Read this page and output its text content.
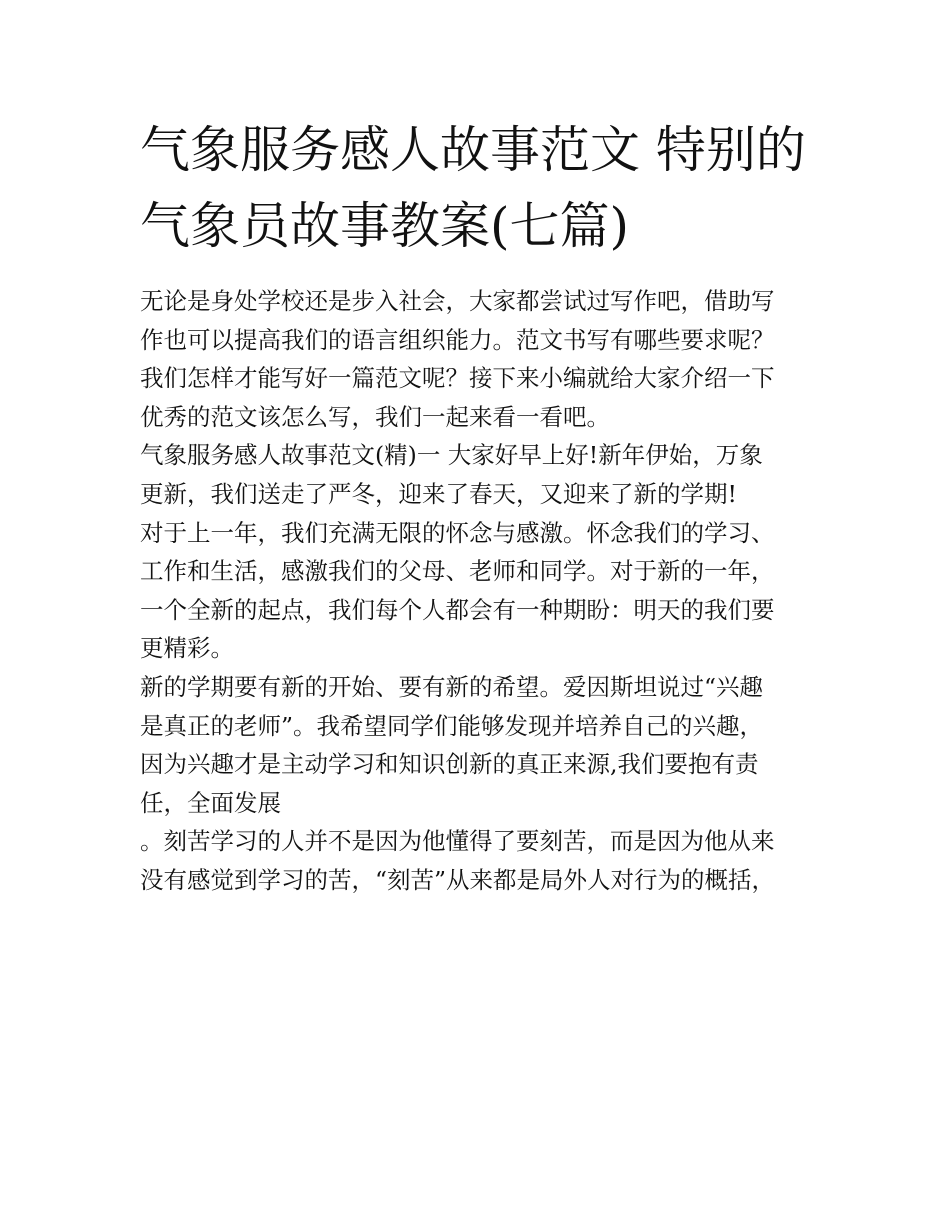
气象服务感人故事范文 特别的
气象员故事教案(七篇)
无论是身处学校还是步入社会，大家都尝试过写作吧，借助写
作也可以提高我们的语言组织能力。范文书写有哪些要求呢？
我们怎样才能写好一篇范文呢？接下来小编就给大家介绍一下
优秀的范文该怎么写，我们一起来看一看吧。
气象服务感人故事范文(精)一 大家好早上好!新年伊始，万象
更新，我们送走了严冬，迎来了春天，又迎来了新的学期!
对于上一年，我们充满无限的怀念与感激。怀念我们的学习、
工作和生活，感激我们的父母、老师和同学。对于新的一年，
一个全新的起点，我们每个人都会有一种期盼：明天的我们要
更精彩。
新的学期要有新的开始、要有新的希望。爱因斯坦说过“兴趣
是真正的老师”。我希望同学们能够发现并培养自己的兴趣，
因为兴趣才是主动学习和知识创新的真正来源,我们要抱有责
任，全面发展
。刻苦学习的人并不是因为他懂得了要刻苦，而是因为他从来
没有感觉到学习的苦，“刻苦”从来都是局外人对行为的概括，
